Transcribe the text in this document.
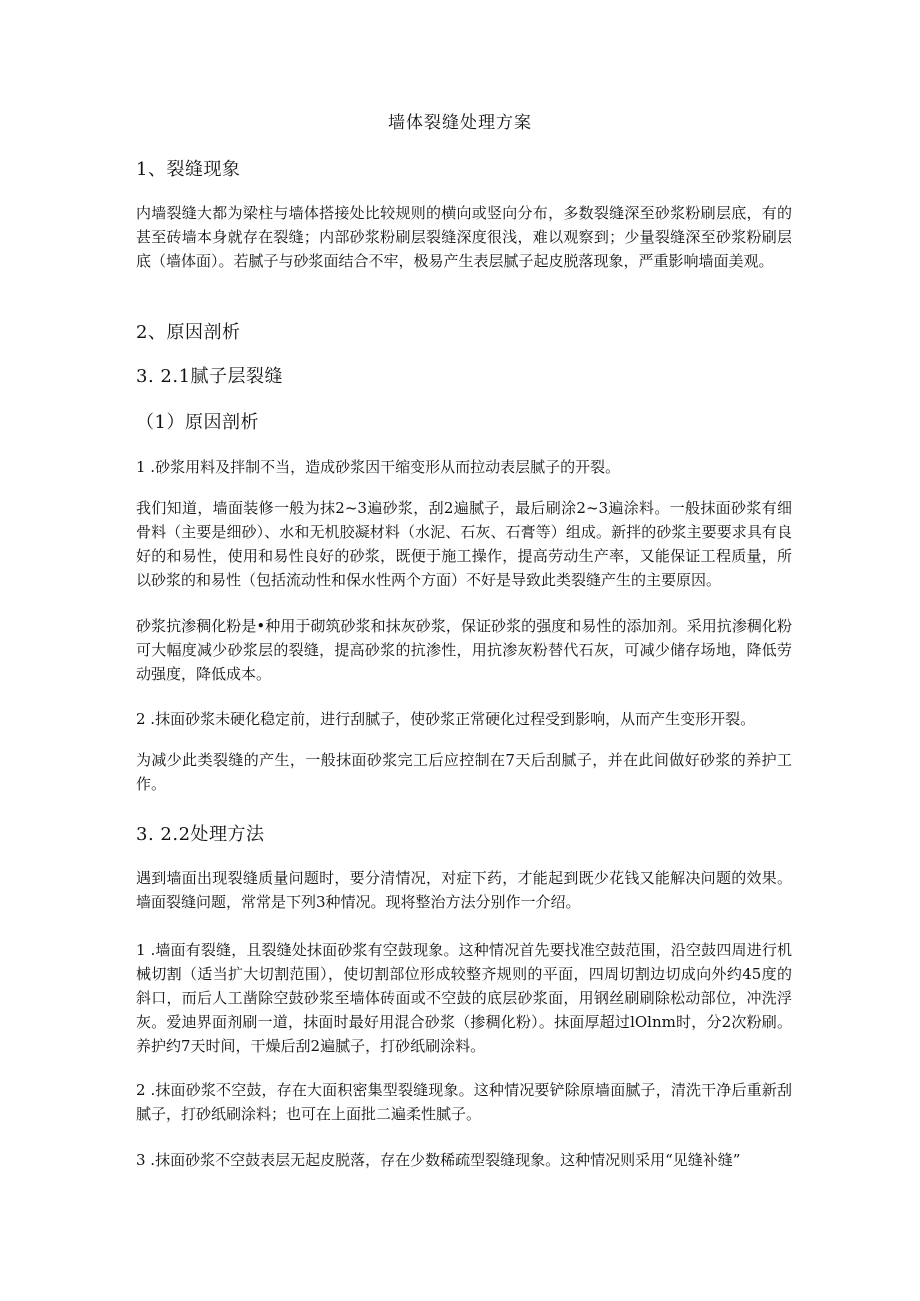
墙体裂缝处理方案
1、裂缝现象
内墙裂缝大都为梁柱与墙体搭接处比较规则的横向或竖向分布，多数裂缝深至砂浆粉刷层底，有的甚至砖墙本身就存在裂缝；内部砂浆粉刷层裂缝深度很浅，难以观察到；少量裂缝深至砂浆粉刷层底（墙体面）。若腻子与砂浆面结合不牢，极易产生表层腻子起皮脱落现象，严重影响墙面美观。
2、原因剖析
3. 2.1腻子层裂缝
（1）原因剖析
1 .砂浆用料及拌制不当，造成砂浆因干缩变形从而拉动表层腻子的开裂。
我们知道，墙面装修一般为抹2~3遍砂浆，刮2遍腻子，最后刷涂2~3遍涂料。一般抹面砂浆有细骨料（主要是细砂）、水和无机胶凝材料（水泥、石灰、石膏等）组成。新拌的砂浆主要要求具有良好的和易性，使用和易性良好的砂浆，既便于施工操作，提高劳动生产率，又能保证工程质量，所以砂浆的和易性（包括流动性和保水性两个方面）不好是导致此类裂缝产生的主要原因。
砂浆抗渗稠化粉是•种用于砌筑砂浆和抹灰砂浆，保证砂浆的强度和易性的添加剂。采用抗渗稠化粉可大幅度减少砂浆层的裂缝，提高砂浆的抗渗性，用抗渗灰粉替代石灰，可减少储存场地，降低劳动强度，降低成本。
2 .抹面砂浆未硬化稳定前，进行刮腻子，使砂浆正常硬化过程受到影响，从而产生变形开裂。
为减少此类裂缝的产生，一般抹面砂浆完工后应控制在7天后刮腻子，并在此间做好砂浆的养护工作。
3. 2.2处理方法
遇到墙面出现裂缝质量问题时，要分清情况，对症下药，才能起到既少花钱又能解决问题的效果。墙面裂缝问题，常常是下列3种情况。现将整治方法分别作一介绍。
1 .墙面有裂缝，且裂缝处抹面砂浆有空鼓现象。这种情况首先要找准空鼓范围，沿空鼓四周进行机械切割（适当扩大切割范围），使切割部位形成较整齐规则的平面，四周切割边切成向外约45度的斜口，而后人工凿除空鼓砂浆至墙体砖面或不空鼓的底层砂浆面，用钢丝刷刷除松动部位，冲洗浮灰。爱迪界面剂刷一道，抹面时最好用混合砂浆（掺稠化粉）。抹面厚超过lOlnm时，分2次粉刷。养护约7天时间，干燥后刮2遍腻子，打砂纸刷涂料。
2 .抹面砂浆不空鼓，存在大面积密集型裂缝现象。这种情况要铲除原墙面腻子，清洗干净后重新刮腻子，打砂纸刷涂料；也可在上面批二遍柔性腻子。
3 .抹面砂浆不空鼓表层无起皮脱落，存在少数稀疏型裂缝现象。这种情况则采用“见缝补缝”
